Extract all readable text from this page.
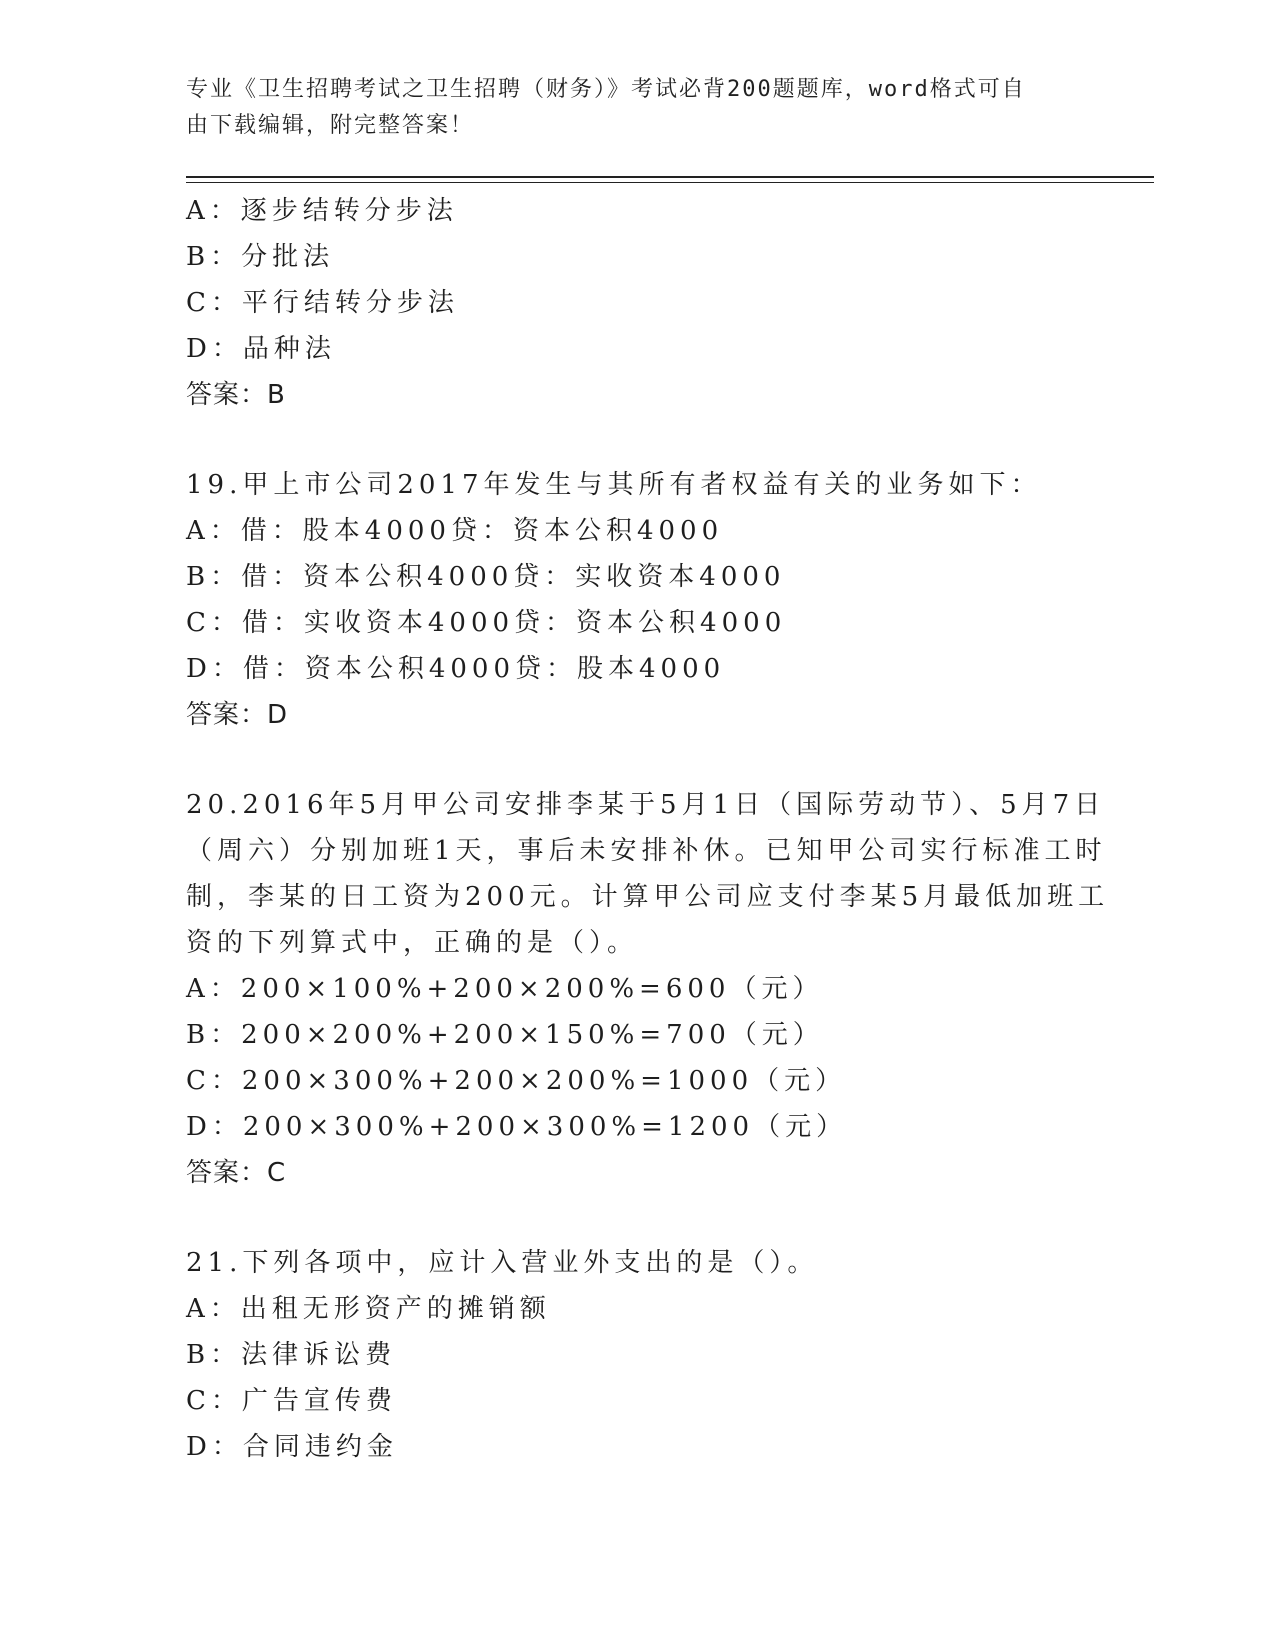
专业《卫生招聘考试之卫生招聘（财务）》考试必背200题题库，word格式可自
由下载编辑，附完整答案！
A：逐步结转分步法
B：分批法
C：平行结转分步法
D：品种法
答案：B
19.甲上市公司2017年发生与其所有者权益有关的业务如下：
A：借：股本4000贷：资本公积4000
B：借：资本公积4000贷：实收资本4000
C：借：实收资本4000贷：资本公积4000
D：借：资本公积4000贷：股本4000
答案：D
20.2016年5月甲公司安排李某于5月1日（国际劳动节）、5月7日
（周六）分别加班1天，事后未安排补休。已知甲公司实行标准工时
制，李某的日工资为200元。计算甲公司应支付李某5月最低加班工
资的下列算式中，正确的是（）。
A：200×100%+200×200%=600（元）
B：200×200%+200×150%=700（元）
C：200×300%+200×200%=1000（元）
D：200×300%+200×300%=1200（元）
答案：C
21.下列各项中，应计入营业外支出的是（）。
A：出租无形资产的摊销额
B：法律诉讼费
C：广告宣传费
D：合同违约金
